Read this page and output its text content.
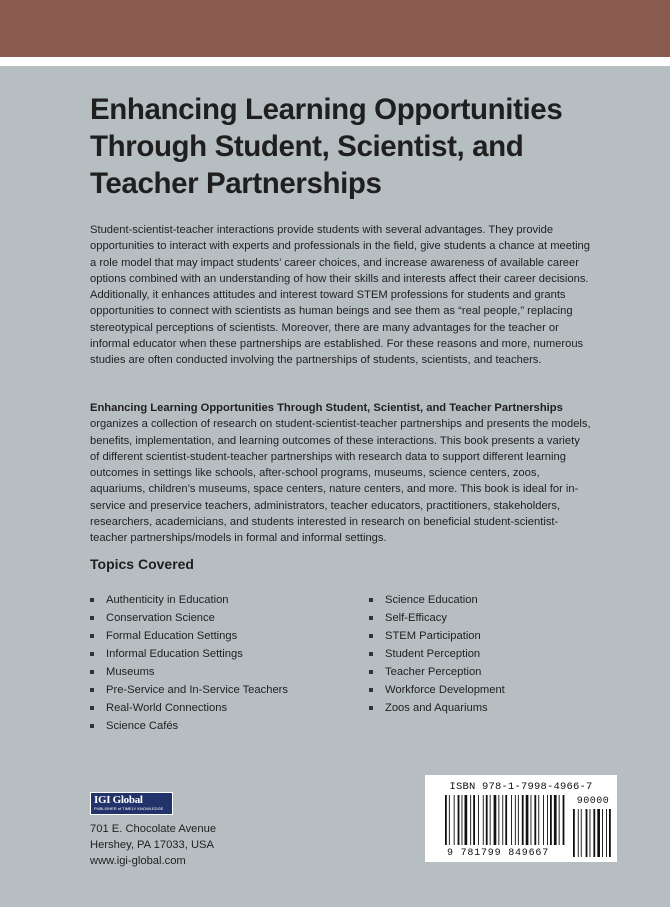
Enhancing Learning Opportunities Through Student, Scientist, and Teacher Partnerships

Student-scientist-teacher interactions provide students with several advantages. They provide opportunities to interact with experts and professionals in the field, give students a chance at meeting a role model that may impact students’ career choices, and increase awareness of available career options combined with an understanding of how their skills and interests affect their career decisions. Additionally, it enhances attitudes and interest toward STEM professions for students and grants opportunities to connect with scientists as human beings and see them as “real people,” replacing stereotypical perceptions of scientists. Moreover, there are many advantages for the teacher or informal educator when these partnerships are established. For these reasons and more, numerous studies are often conducted involving the partnerships of students, scientists, and teachers.

Enhancing Learning Opportunities Through Student, Scientist, and Teacher Partnerships organizes a collection of research on student-scientist-teacher partnerships and presents the models, benefits, implementation, and learning outcomes of these interactions. This book presents a variety of different scientist-student-teacher partnerships with research data to support different learning outcomes in settings like schools, after-school programs, museums, science centers, zoos, aquariums, children’s museums, space centers, nature centers, and more. This book is ideal for in-service and preservice teachers, administrators, teacher educators, practitioners, stakeholders, researchers, academicians, and students interested in research on beneficial student-scientist-teacher partnerships/models in formal and informal settings.

Topics Covered
Authenticity in Education
Conservation Science
Formal Education Settings
Informal Education Settings
Museums
Pre-Service and In-Service Teachers
Real-World Connections
Science Cafés
Science Education
Self-Efficacy
STEM Participation
Student Perception
Teacher Perception
Workforce Development
Zoos and Aquariums
IGI Global
PUBLISHER of TIMELY KNOWLEDGE

701 E. Chocolate Avenue

Hershey, PA 17033, USA

www.igi-global.com

ISBN 978-1-7998-4966-7
9 781799 849667
90000
